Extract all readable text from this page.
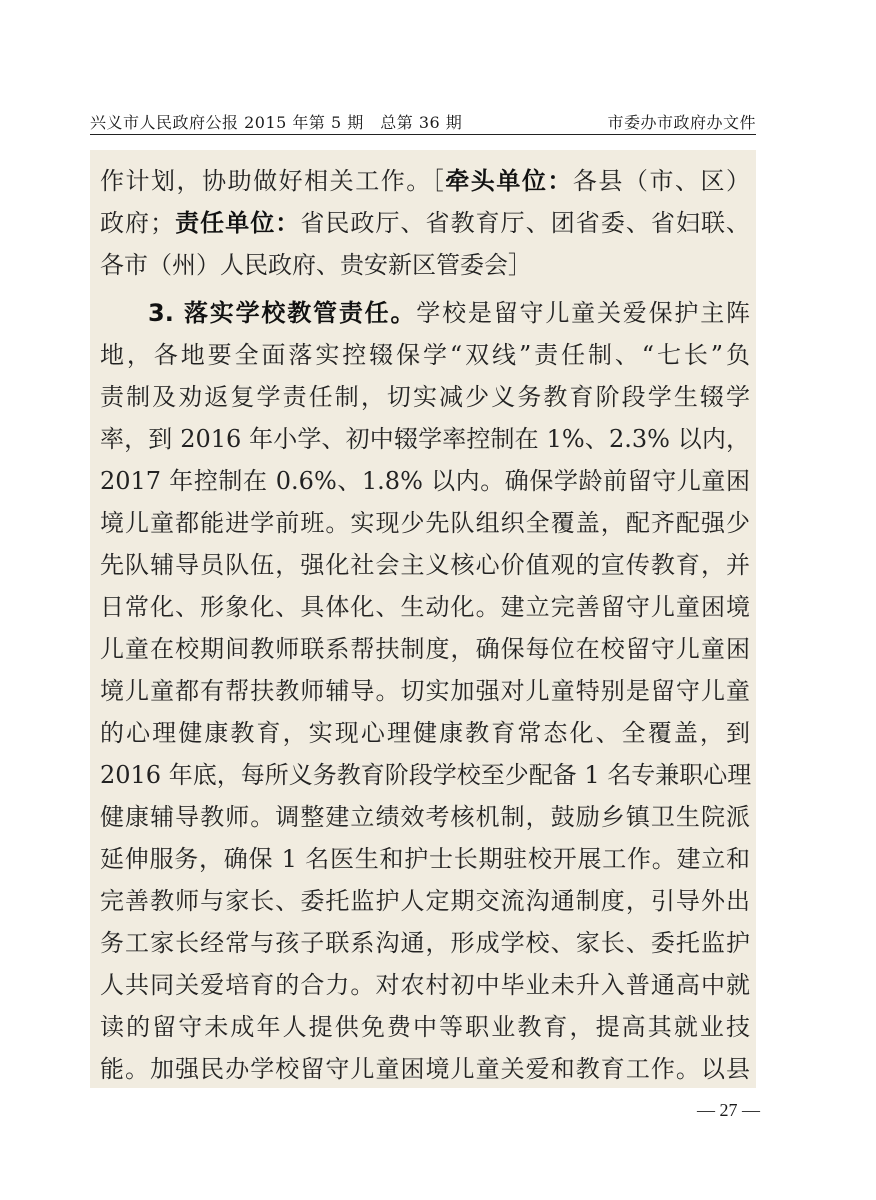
兴义市人民政府公报 2015 年第 5 期　总第 36 期	市委办市政府办文件
作计划，协助做好相关工作。［牵头单位：各县（市、区）
政府；责任单位：省民政厅、省教育厅、团省委、省妇联、
各市（州）人民政府、贵安新区管委会］
3. 落实学校教管责任。学校是留守儿童关爱保护主阵
地，各地要全面落实控辍保学“双线”责任制、“七长”负
责制及劝返复学责任制，切实减少义务教育阶段学生辍学
率，到 2016 年小学、初中辍学率控制在 1%、2.3% 以内，
2017 年控制在 0.6%、1.8% 以内。确保学龄前留守儿童困
境儿童都能进学前班。实现少先队组织全覆盖，配齐配强少
先队辅导员队伍，强化社会主义核心价值观的宣传教育，并
日常化、形象化、具体化、生动化。建立完善留守儿童困境
儿童在校期间教师联系帮扶制度，确保每位在校留守儿童困
境儿童都有帮扶教师辅导。切实加强对儿童特别是留守儿童
的心理健康教育，实现心理健康教育常态化、全覆盖，到
2016 年底，每所义务教育阶段学校至少配备 1 名专兼职心理
健康辅导教师。调整建立绩效考核机制，鼓励乡镇卫生院派
延伸服务，确保 1 名医生和护士长期驻校开展工作。建立和
完善教师与家长、委托监护人定期交流沟通制度，引导外出
务工家长经常与孩子联系沟通，形成学校、家长、委托监护
人共同关爱培育的合力。对农村初中毕业未升入普通高中就
读的留守未成年人提供免费中等职业教育，提高其就业技
能。加强民办学校留守儿童困境儿童关爱和教育工作。以县
— 27 —
